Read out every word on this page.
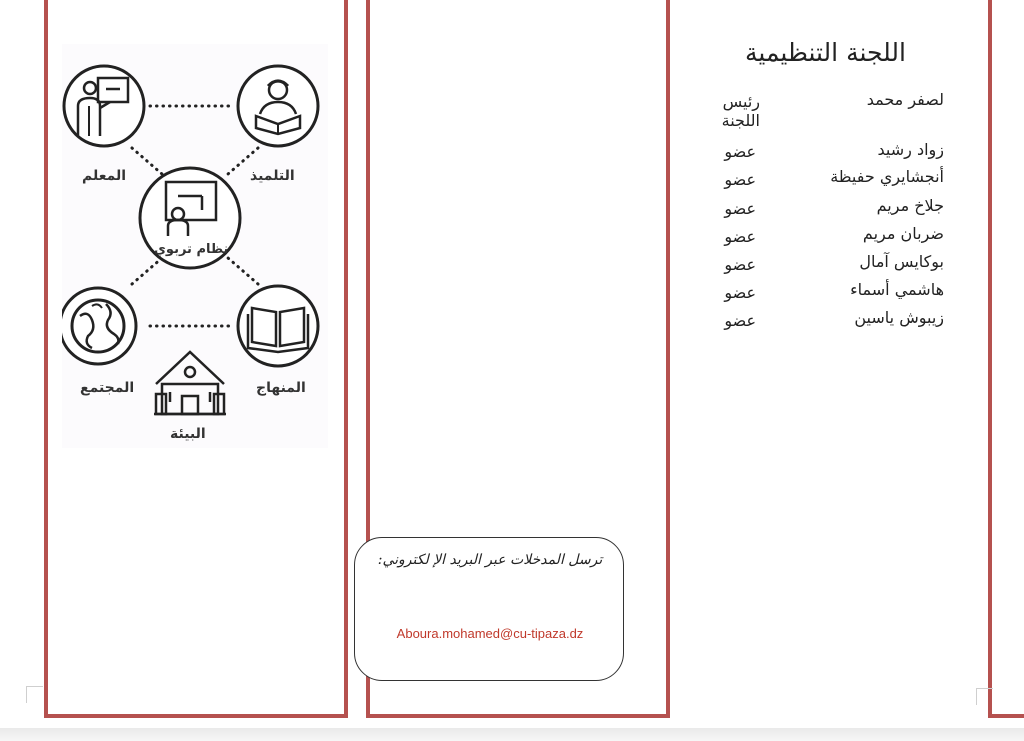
المعلم	التلميذ
نظام تربوي
المجتمع	المنهاج
البيئة
اللجنة التنظيمية
لصفر محمد
رئيس اللجنة
زواد رشيد
عضو
أنجشايري حفيظة
عضو
جلاخ مريم
عضو
ضربان مريم
عضو
بوكايس آمال
عضو
هاشمي أسماء
عضو
زيبوش ياسين
عضو
ترسل المدخلات عبر البريد الإ لكتروني:
Aboura.mohamed@cu-tipaza.dz
